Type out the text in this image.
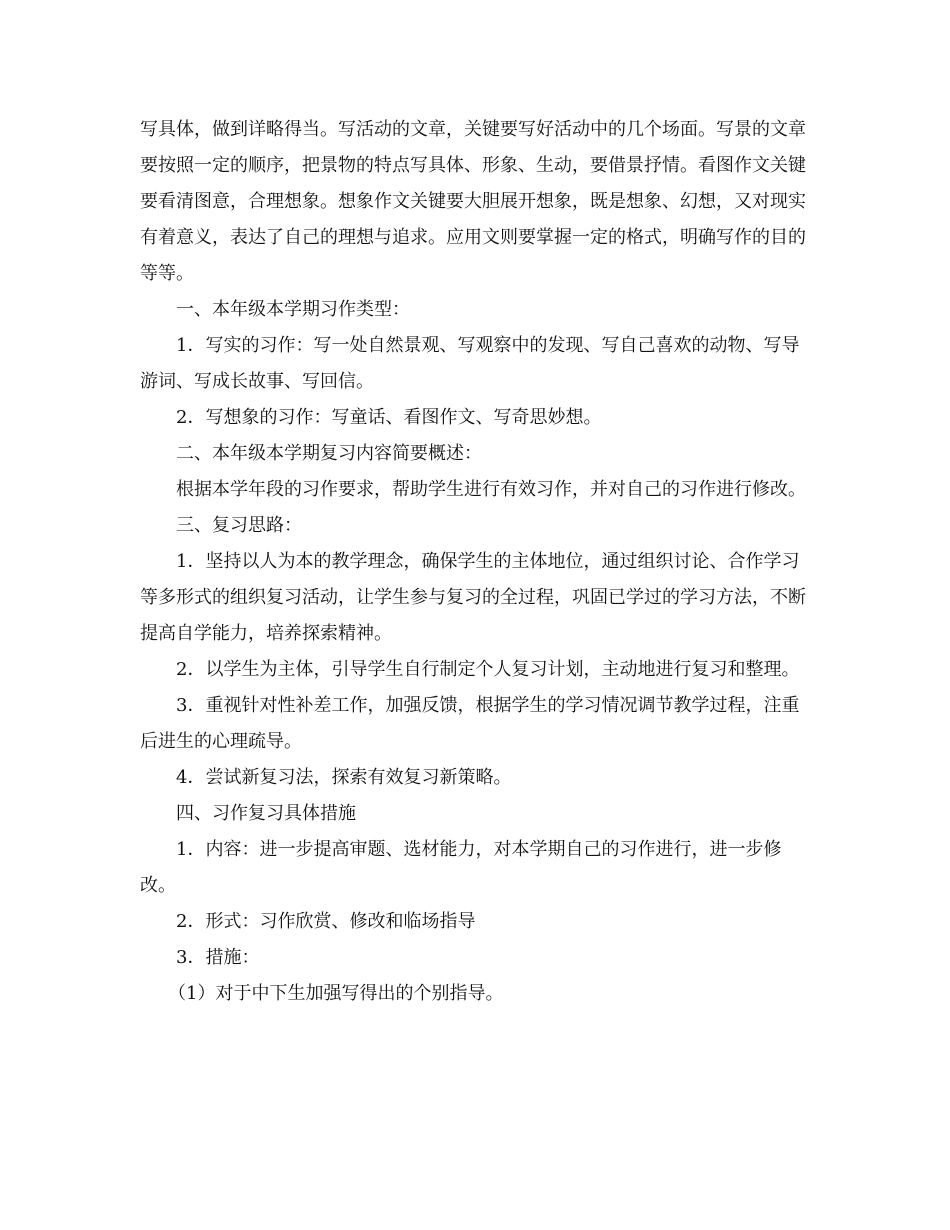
写具体，做到详略得当。写活动的文章，关键要写好活动中的几个场面。写景的文章要按照一定的顺序，把景物的特点写具体、形象、生动，要借景抒情。看图作文关键要看清图意，合理想象。想象作文关键要大胆展开想象，既是想象、幻想，又对现实有着意义，表达了自己的理想与追求。应用文则要掌握一定的格式，明确写作的目的等等。

一、本年级本学期习作类型：

1．写实的习作：写一处自然景观、写观察中的发现、写自己喜欢的动物、写导游词、写成长故事、写回信。

2．写想象的习作：写童话、看图作文、写奇思妙想。

二、本年级本学期复习内容简要概述：

根据本学年段的习作要求，帮助学生进行有效习作，并对自己的习作进行修改。

三、复习思路：

1．坚持以人为本的教学理念，确保学生的主体地位，通过组织讨论、合作学习等多形式的组织复习活动，让学生参与复习的全过程，巩固已学过的学习方法，不断提高自学能力，培养探索精神。

2．以学生为主体，引导学生自行制定个人复习计划，主动地进行复习和整理。

3．重视针对性补差工作，加强反馈，根据学生的学习情况调节教学过程，注重后进生的心理疏导。

4．尝试新复习法，探索有效复习新策略。

四、习作复习具体措施

1．内容：进一步提高审题、选材能力，对本学期自己的习作进行，进一步修改。

2．形式：习作欣赏、修改和临场指导

3．措施：

（1）对于中下生加强写得出的个别指导。
